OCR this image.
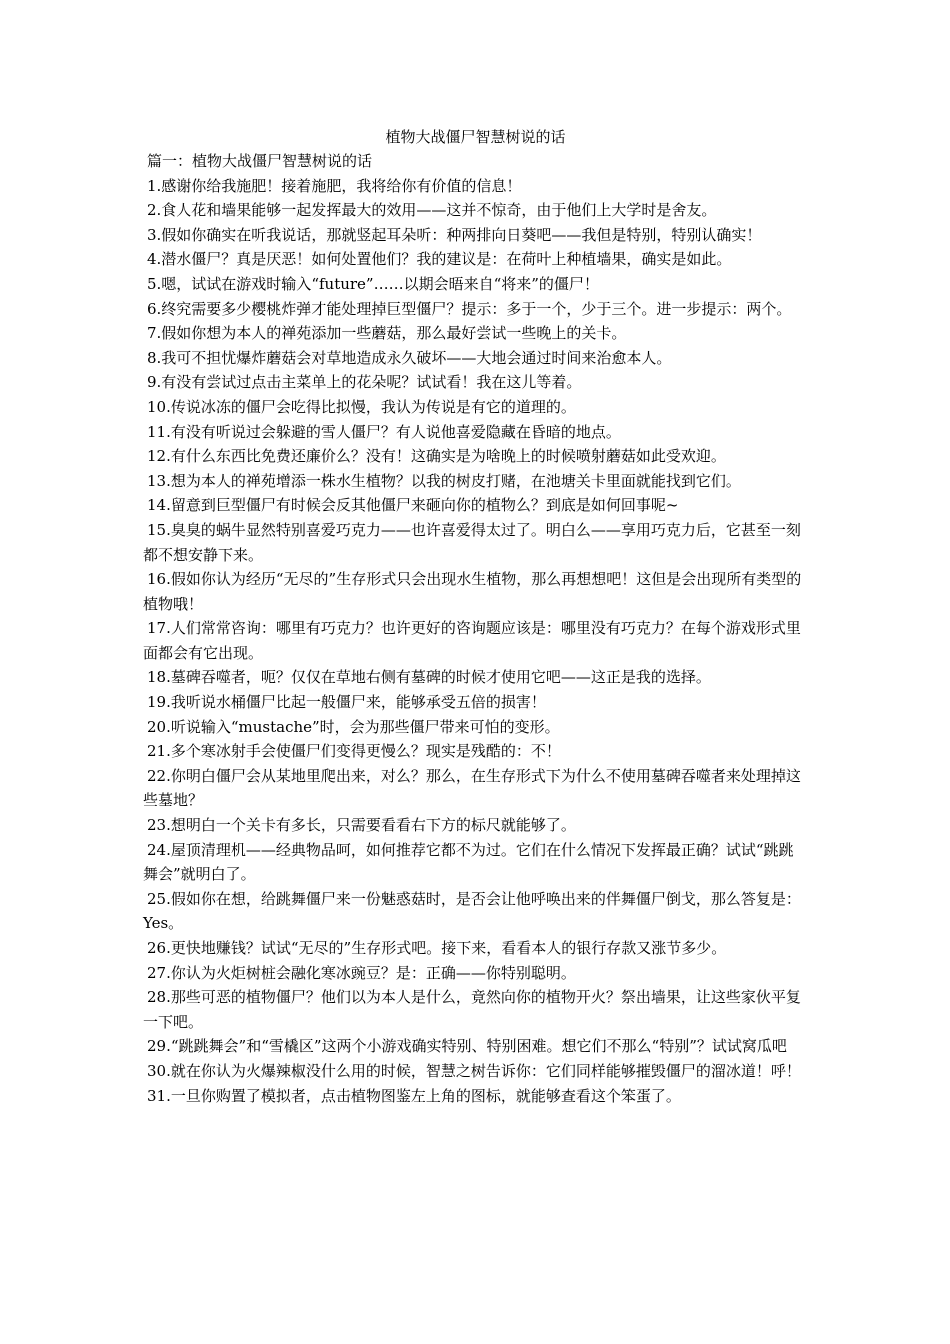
植物大战僵尸智慧树说的话

篇一：植物大战僵尸智慧树说的话

1.感谢你给我施肥！接着施肥，我将给你有价值的信息！

2.食人花和墙果能够一起发挥最大的效用——这并不惊奇，由于他们上大学时是舍友。

3.假如你确实在听我说话，那就竖起耳朵听：种两排向日葵吧——我但是特别，特别认确实！

4.潜水僵尸？真是厌恶！如何处置他们？我的建议是：在荷叶上种植墙果，确实是如此。

5.嗯，试试在游戏时输入“future”……以期会晤来自“将来”的僵尸！

6.终究需要多少樱桃炸弹才能处理掉巨型僵尸？提示：多于一个，少于三个。进一步提示：两个。

7.假如你想为本人的禅苑添加一些蘑菇，那么最好尝试一些晚上的关卡。

8.我可不担忧爆炸蘑菇会对草地造成永久破坏——大地会通过时间来治愈本人。

9.有没有尝试过点击主菜单上的花朵呢？试试看！我在这儿等着。

10.传说冰冻的僵尸会吃得比拟慢，我认为传说是有它的道理的。

11.有没有听说过会躲避的雪人僵尸？有人说他喜爱隐藏在昏暗的地点。

12.有什么东西比免费还廉价么？没有！这确实是为啥晚上的时候喷射蘑菇如此受欢迎。

13.想为本人的禅苑增添一株水生植物？以我的树皮打赌，在池塘关卡里面就能找到它们。

14.留意到巨型僵尸有时候会反其他僵尸来砸向你的植物么？到底是如何回事呢~

15.臭臭的蜗牛显然特别喜爱巧克力——也许喜爱得太过了。明白么——享用巧克力后，它甚至一刻都不想安静下来。

16.假如你认为经历“无尽的”生存形式只会出现水生植物，那么再想想吧！这但是会出现所有类型的植物哦！

17.人们常常咨询：哪里有巧克力？也许更好的咨询题应该是：哪里没有巧克力？在每个游戏形式里面都会有它出现。

18.墓碑吞噬者，呃？仅仅在草地右侧有墓碑的时候才使用它吧——这正是我的选择。

19.我听说水桶僵尸比起一般僵尸来，能够承受五倍的损害！

20.听说输入“mustache”时，会为那些僵尸带来可怕的变形。

21.多个寒冰射手会使僵尸们变得更慢么？现实是残酷的：不！

22.你明白僵尸会从某地里爬出来，对么？那么，在生存形式下为什么不使用墓碑吞噬者来处理掉这些墓地？

23.想明白一个关卡有多长，只需要看看右下方的标尺就能够了。

24.屋顶清理机——经典物品呵，如何推荐它都不为过。它们在什么情况下发挥最正确？试试“跳跳舞会”就明白了。

25.假如你在想，给跳舞僵尸来一份魅惑菇时，是否会让他呼唤出来的伴舞僵尸倒戈，那么答复是：Yes。

26.更快地赚钱？试试“无尽的”生存形式吧。接下来，看看本人的银行存款又涨节多少。

27.你认为火炬树桩会融化寒冰豌豆？是：正确——你特别聪明。

28.那些可恶的植物僵尸？他们以为本人是什么，竟然向你的植物开火？祭出墙果，让这些家伙平复一下吧。

29.“跳跳舞会”和“雪橇区”这两个小游戏确实特别、特别困难。想它们不那么“特别”？试试窝瓜吧

30.就在你认为火爆辣椒没什么用的时候，智慧之树告诉你：它们同样能够摧毁僵尸的溜冰道！呼！

31.一旦你购置了模拟者，点击植物图鉴左上角的图标，就能够查看这个笨蛋了。
